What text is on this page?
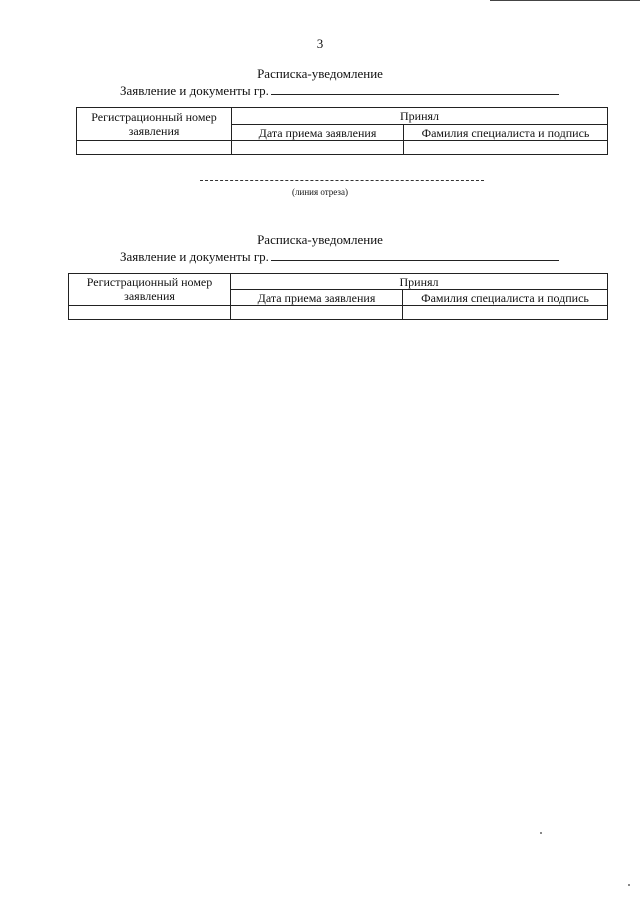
3
Расписка-уведомление
Заявление и документы гр.
Регистрационный номер заявления	Принял	
	Дата приема заявления	Фамилия специалиста и подпись

(линия отреза)
Расписка-уведомление
Заявление и документы гр.
Регистрационный номер заявления	Принял	
	Дата приема заявления	Фамилия специалиста и подпись
